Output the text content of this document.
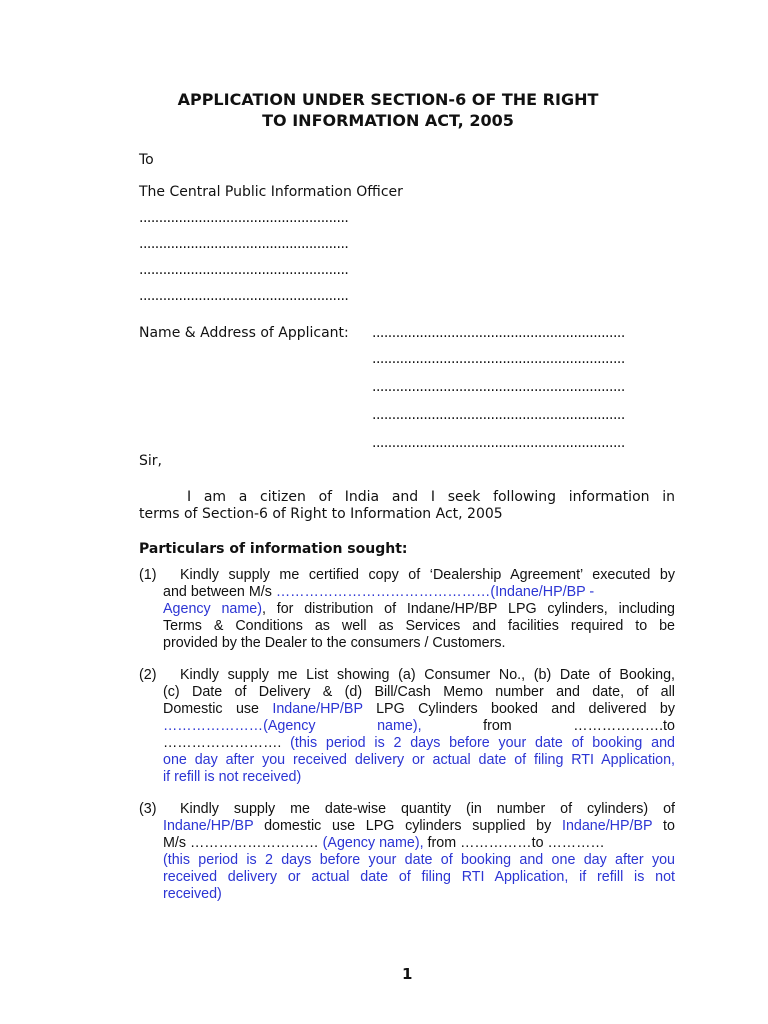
APPLICATION UNDER SECTION-6 OF THE RIGHT
TO INFORMATION ACT, 2005
To
The Central Public Information Officer
.....................................................
.....................................................
.....................................................
.....................................................
Name & Address of Applicant: ................................................................
................................................................
................................................................
................................................................
................................................................
Sir,
I am a citizen of India and I seek following information in
terms of Section-6 of Right to Information Act, 2005
Particulars of information sought:
(1) Kindly supply me certified copy of ‘Dealership Agreement’ executed by
and between M/s ………………………………………(Indane/HP/BP -
Agency name), for distribution of Indane/HP/BP LPG cylinders, including
Terms & Conditions as well as Services and facilities required to be
provided by the Dealer to the consumers / Customers.
(2) Kindly supply me List showing (a) Consumer No., (b) Date of Booking,
(c) Date of Delivery & (d) Bill/Cash Memo number and date, of all
Domestic use Indane/HP/BP LPG Cylinders booked and delivered by
…………………(Agency	name),	from	……………….to
……………………. (this period is 2 days before your date of booking and
one day after you received delivery or actual date of filing RTI Application,
if refill is not received)
(3) Kindly supply me date-wise quantity (in number of cylinders) of
Indane/HP/BP domestic use LPG cylinders supplied by Indane/HP/BP to
M/s ……………………… (Agency name), from ……………to …………
(this period is 2 days before your date of booking and one day after you
received delivery or actual date of filing RTI Application, if refill is not
received)
1
